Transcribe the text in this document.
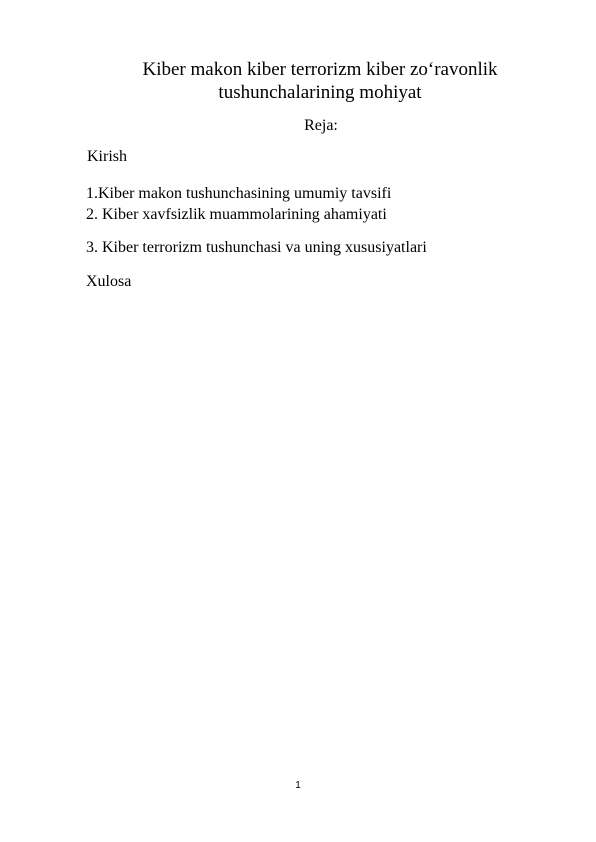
Kiber makon kiber terrorizm kiber zo‘ravonlik tushunchalarining mohiyat
Reja:
Kirish
1.Kiber makon tushunchasining umumiy tavsifi
2. Kiber xavfsizlik muammolarining ahamiyati
3. Kiber terrorizm tushunchasi va uning xususiyatlari
Xulosa
1
